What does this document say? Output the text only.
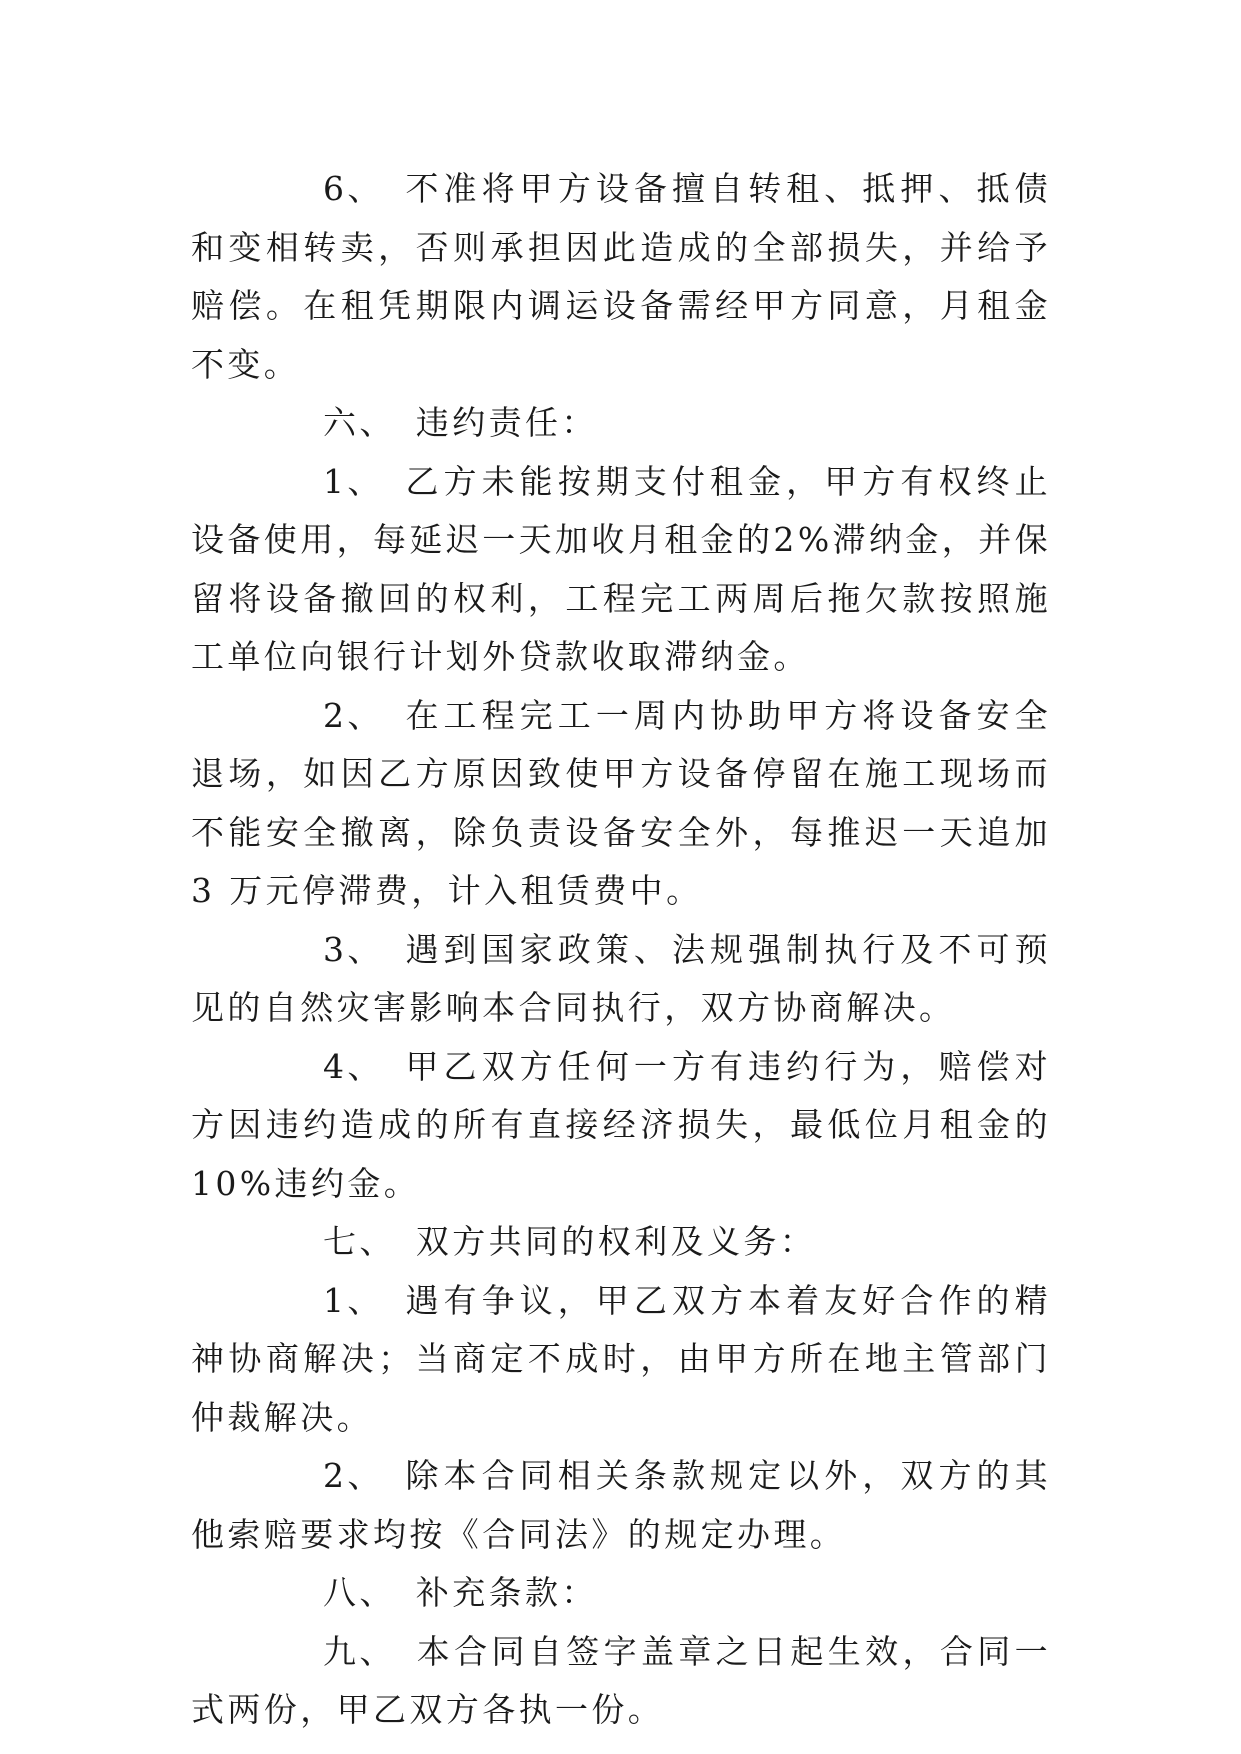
6、 不准将甲方设备擅自转租、抵押、抵债和变相转卖，否则承担因此造成的全部损失，并给予赔偿。在租凭期限内调运设备需经甲方同意，月租金不变。

六、 违约责任：

1、 乙方未能按期支付租金，甲方有权终止设备使用，每延迟一天加收月租金的2%滞纳金，并保留将设备撤回的权利，工程完工两周后拖欠款按照施工单位向银行计划外贷款收取滞纳金。

2、 在工程完工一周内协助甲方将设备安全退场，如因乙方原因致使甲方设备停留在施工现场而不能安全撤离，除负责设备安全外，每推迟一天追加 3 万元停滞费，计入租赁费中。

3、 遇到国家政策、法规强制执行及不可预见的自然灾害影响本合同执行，双方协商解决。

4、 甲乙双方任何一方有违约行为，赔偿对方因违约造成的所有直接经济损失，最低位月租金的 10%违约金。

七、 双方共同的权利及义务：

1、 遇有争议，甲乙双方本着友好合作的精神协商解决；当商定不成时，由甲方所在地主管部门仲裁解决。

2、 除本合同相关条款规定以外，双方的其他索赔要求均按《合同法》的规定办理。

八、 补充条款：

九、 本合同自签字盖章之日起生效，合同一式两份，甲乙双方各执一份。
